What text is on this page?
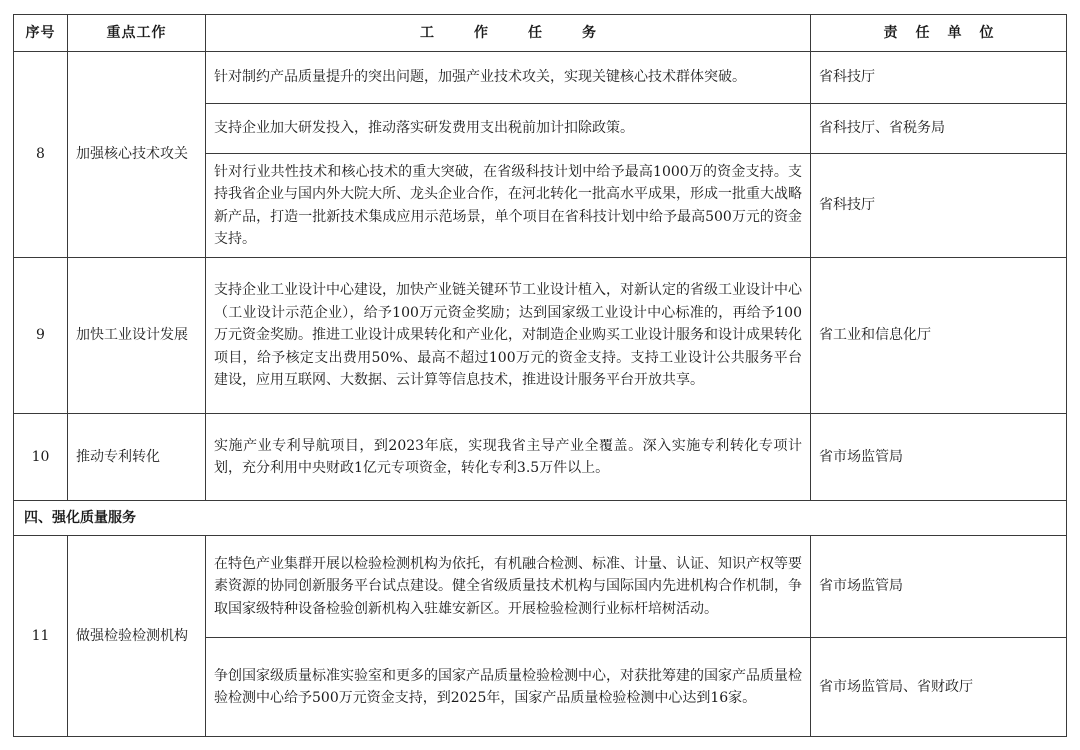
序号	重点工作	工作任务	责任单位
8	加强核心技术攻关	针对制约产品质量提升的突出问题，加强产业技术攻关，实现关键核心技术群体突破。	省科技厅
		支持企业加大研发投入，推动落实研发费用支出税前加计扣除政策。	省科技厅、省税务局
		针对行业共性技术和核心技术的重大突破，在省级科技计划中给予最高1000万的资金支持。支持我省企业与国内外大院大所、龙头企业合作，在河北转化一批高水平成果，形成一批重大战略新产品，打造一批新技术集成应用示范场景，单个项目在省科技计划中给予最高500万元的资金支持。	省科技厅
9	加快工业设计发展	支持企业工业设计中心建设，加快产业链关键环节工业设计植入，对新认定的省级工业设计中心（工业设计示范企业），给予100万元资金奖励；达到国家级工业设计中心标准的，再给予100万元资金奖励。推进工业设计成果转化和产业化，对制造企业购买工业设计服务和设计成果转化项目，给予核定支出费用50%、最高不超过100万元的资金支持。支持工业设计公共服务平台建设，应用互联网、大数据、云计算等信息技术，推进设计服务平台开放共享。	省工业和信息化厅
10	推动专利转化	实施产业专利导航项目，到2023年底，实现我省主导产业全覆盖。深入实施专利转化专项计划，充分利用中央财政1亿元专项资金，转化专利3.5万件以上。	省市场监管局
四、强化质量服务			
11	做强检验检测机构	在特色产业集群开展以检验检测机构为依托，有机融合检测、标准、计量、认证、知识产权等要素资源的协同创新服务平台试点建设。健全省级质量技术机构与国际国内先进机构合作机制，争取国家级特种设备检验创新机构入驻雄安新区。开展检验检测行业标杆培树活动。	省市场监管局
		争创国家级质量标准实验室和更多的国家产品质量检验检测中心，对获批筹建的国家产品质量检验检测中心给予500万元资金支持，到2025年，国家产品质量检验检测中心达到16家。	省市场监管局、省财政厅
